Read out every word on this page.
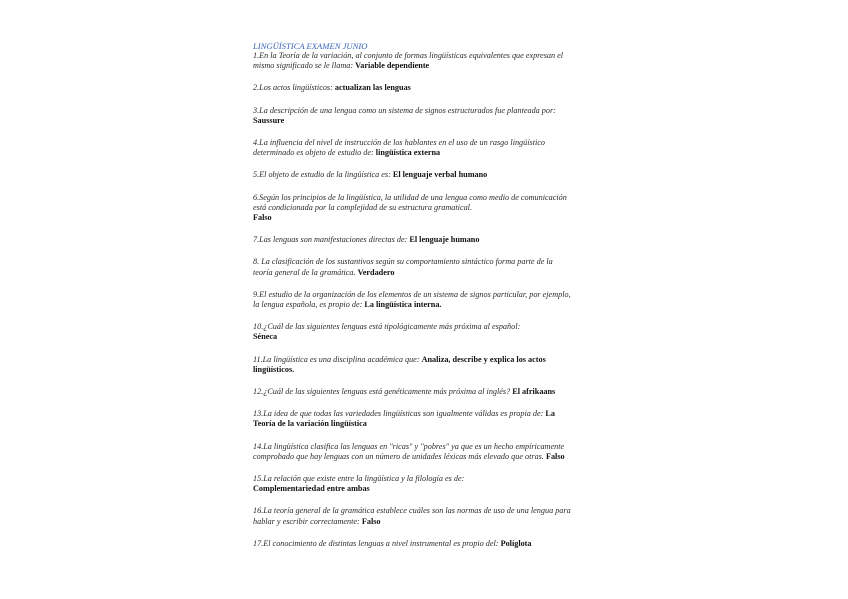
LINGÜÍSTICA EXAMEN JUNIO

1.En la Teoría de la variación, al conjunto de formas lingüísticas equivalentes que expresan el mismo significado se le llama: Variable dependiente

2.Los actos lingüísticos: actualizan las lenguas

3.La descripción de una lengua como un sistema de signos estructurados fue planteada por: Saussure

4.La influencia del nivel de instrucción de los hablantes en el uso de un rasgo lingüístico determinado es objeto de estudio de: lingüística externa

5.El objeto de estudio de la lingüística es: El lenguaje verbal humano

6.Según los principios de la lingüística, la utilidad de una lengua como medio de comunicación está condicionada por la complejidad de su estructura gramatical.
Falso

7.Las lenguas son manifestaciones directas de: El lenguaje humano

8. La clasificación de los sustantivos según su comportamiento sintáctico forma parte de la teoría general de la gramática. Verdadero

9.El estudio de la organización de los elementos de un sistema de signos particular, por ejemplo, la lengua española, es propio de: La lingüística interna.

10.¿Cuál de las siguientes lenguas está tipológicamente más próxima al español:
Séneca

11.La lingüística es una disciplina académica que: Analiza, describe y explica los actos lingüísticos.

12.¿Cuál de las siguientes lenguas está genéticamente más próxima al inglés? El afrikaans

13.La idea de que todas las variedades lingüísticas son igualmente válidas es propia de: La Teoría de la variación lingüística

14.La lingüística clasifica las lenguas en "ricas" y "pobres" ya que es un hecho empíricamente comprobado que hay lenguas con un número de unidades léxicas más elevado que otras. Falso

15.La relación que existe entre la lingüística y la filología es de:
Complementariedad entre ambas

16.La teoría general de la gramática establece cuáles son las normas de uso de una lengua para hablar y escribir correctamente: Falso

17.El conocimiento de distintas lenguas a nivel instrumental es propio del: Políglota
